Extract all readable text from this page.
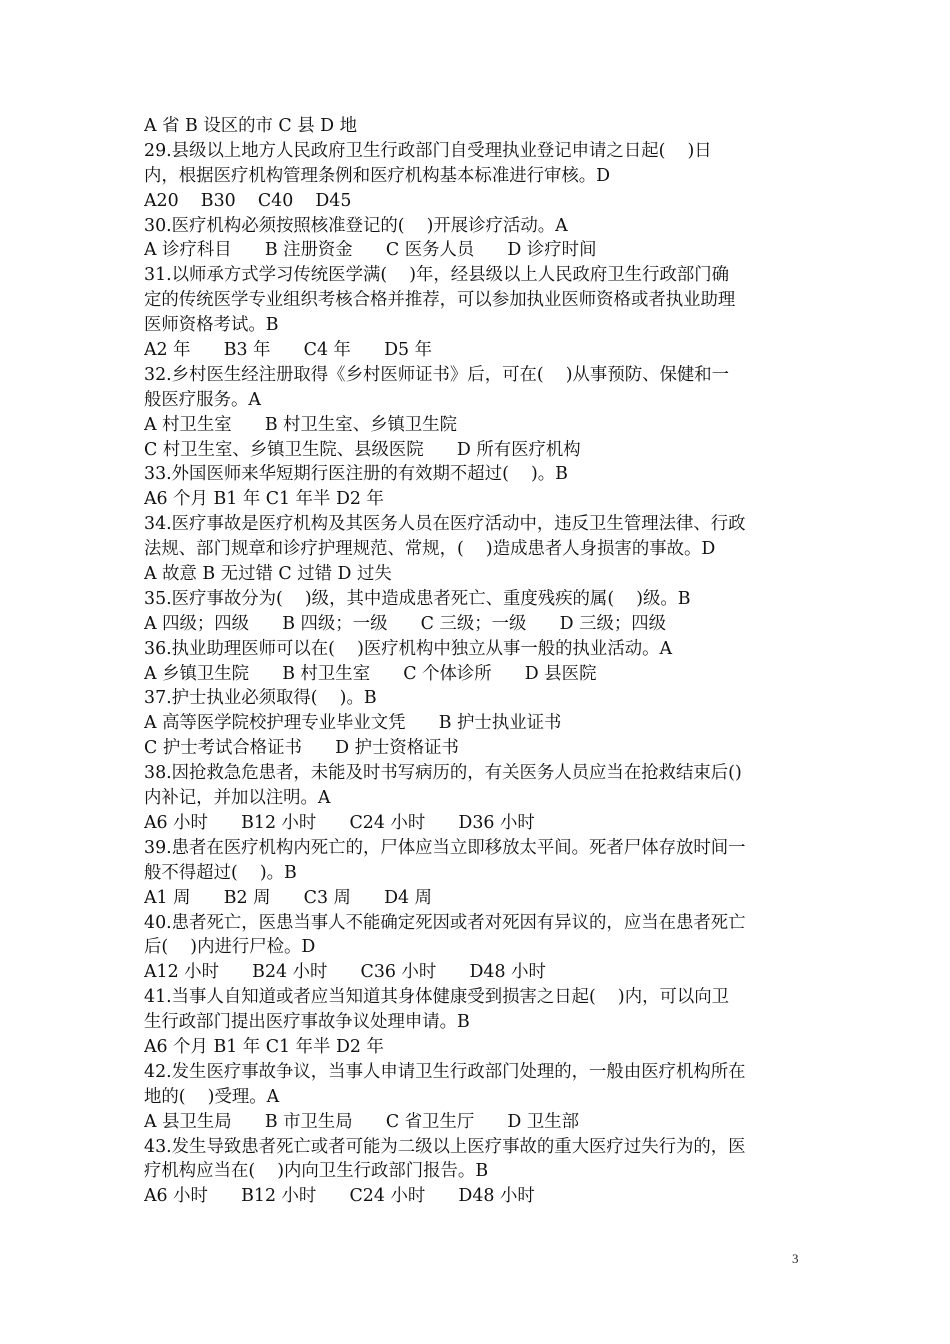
A 省 B 设区的市 C 县 D 地
29.县级以上地方人民政府卫生行政部门自受理执业登记申请之日起(    )日
内，根据医疗机构管理条例和医疗机构基本标准进行审核。D
A20    B30    C40    D45
30.医疗机构必须按照核准登记的(    )开展诊疗活动。A
A 诊疗科目      B 注册资金      C 医务人员      D 诊疗时间
31.以师承方式学习传统医学满(    )年，经县级以上人民政府卫生行政部门确
定的传统医学专业组织考核合格并推荐，可以参加执业医师资格或者执业助理
医师资格考试。B
A2 年      B3 年      C4 年      D5 年
32.乡村医生经注册取得《乡村医师证书》后，可在(    )从事预防、保健和一
般医疗服务。A
A 村卫生室      B 村卫生室、乡镇卫生院
C 村卫生室、乡镇卫生院、县级医院      D 所有医疗机构
33.外国医师来华短期行医注册的有效期不超过(    )。B
A6 个月 B1 年 C1 年半 D2 年
34.医疗事故是医疗机构及其医务人员在医疗活动中，违反卫生管理法律、行政
法规、部门规章和诊疗护理规范、常规，(    )造成患者人身损害的事故。D
A 故意 B 无过错 C 过错 D 过失
35.医疗事故分为(    )级，其中造成患者死亡、重度残疾的属(    )级。B
A 四级；四级      B 四级；一级      C 三级；一级      D 三级；四级
36.执业助理医师可以在(    )医疗机构中独立从事一般的执业活动。A
A 乡镇卫生院      B 村卫生室      C 个体诊所      D 县医院
37.护士执业必须取得(    )。B
A 高等医学院校护理专业毕业文凭      B 护士执业证书
C 护士考试合格证书      D 护士资格证书
38.因抢救急危患者，未能及时书写病历的，有关医务人员应当在抢救结束后()
内补记，并加以注明。A
A6 小时      B12 小时      C24 小时      D36 小时
39.患者在医疗机构内死亡的，尸体应当立即移放太平间。死者尸体存放时间一
般不得超过(    )。B
A1 周      B2 周      C3 周      D4 周
40.患者死亡，医患当事人不能确定死因或者对死因有异议的，应当在患者死亡
后(    )内进行尸检。D
A12 小时      B24 小时      C36 小时      D48 小时
41.当事人自知道或者应当知道其身体健康受到损害之日起(    )内，可以向卫
生行政部门提出医疗事故争议处理申请。B
A6 个月 B1 年 C1 年半 D2 年
42.发生医疗事故争议，当事人申请卫生行政部门处理的，一般由医疗机构所在
地的(    )受理。A
A 县卫生局      B 市卫生局      C 省卫生厅      D 卫生部
43.发生导致患者死亡或者可能为二级以上医疗事故的重大医疗过失行为的，医
疗机构应当在(    )内向卫生行政部门报告。B
A6 小时      B12 小时      C24 小时      D48 小时
3
